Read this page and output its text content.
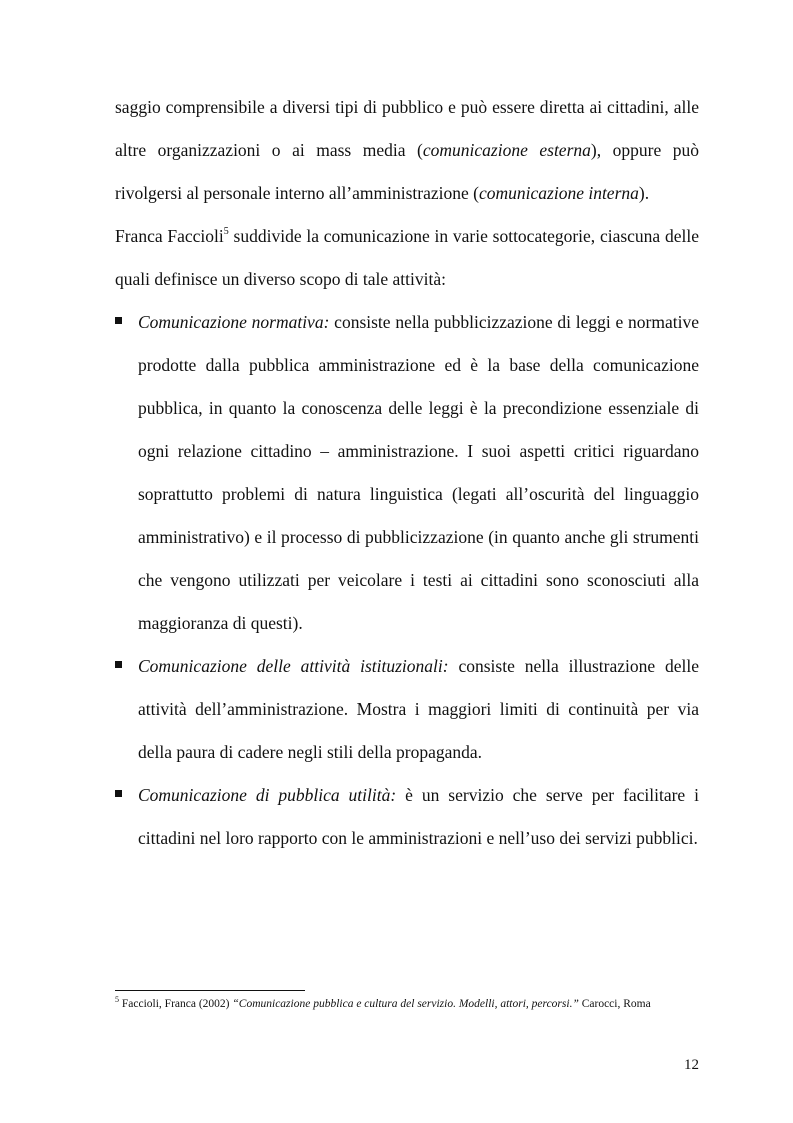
saggio comprensibile a diversi tipi di pubblico e può essere diretta ai cittadini, alle altre organizzazioni o ai mass media (comunicazione esterna), oppure può rivolgersi al personale interno all’amministrazione (comunicazione interna).

Franca Faccioli$^5$ suddivide la comunicazione in varie sottocategorie, ciascuna delle quali definisce un diverso scopo di tale attività:

Comunicazione normativa: consiste nella pubblicizzazione di leggi e normative prodotte dalla pubblica amministrazione ed è la base della comunicazione pubblica, in quanto la conoscenza delle leggi è la precondizione essenziale di ogni relazione cittadino – amministrazione. I suoi aspetti critici riguardano soprattutto problemi di natura linguistica (legati all’oscurità del linguaggio amministrativo) e il processo di pubblicizzazione (in quanto anche gli strumenti che vengono utilizzati per veicolare i testi ai cittadini sono sconosciuti alla maggioranza di questi).
Comunicazione delle attività istituzionali: consiste nella illustrazione delle attività dell’amministrazione. Mostra i maggiori limiti di continuità per via della paura di cadere negli stili della propaganda.
Comunicazione di pubblica utilità: è un servizio che serve per facilitare i cittadini nel loro rapporto con le amministrazioni e nell’uso dei servizi pubblici.
$^5$ Faccioli, Franca (2002) “Comunicazione pubblica e cultura del servizio. Modelli, attori, percorsi.” Carocci, Roma
12
